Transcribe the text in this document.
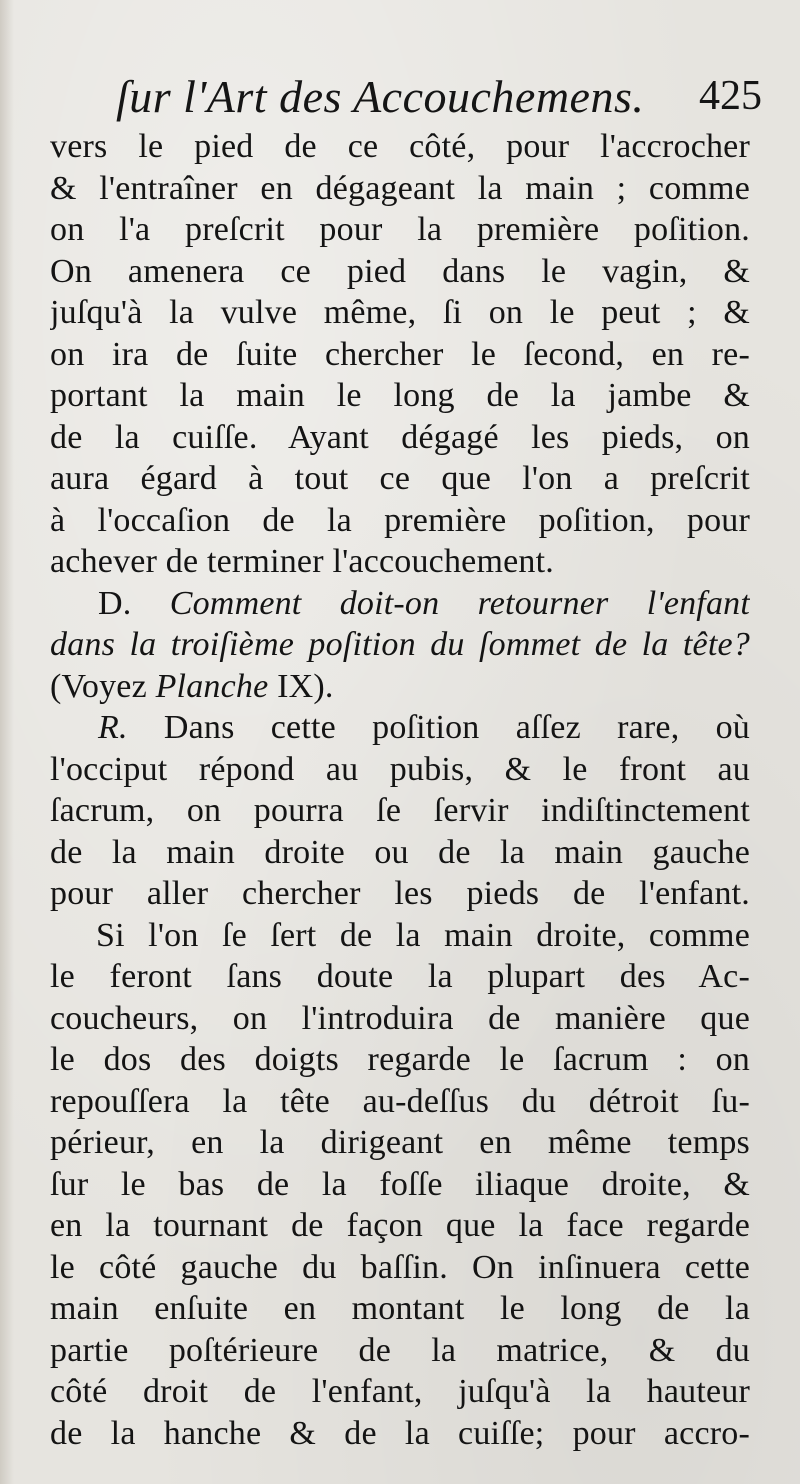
ſur l'Art des Accouchemens. 425
vers le pied de ce côté, pour l'accrocher
& l'entraîner en dégageant la main ; comme
on l'a preſcrit pour la première poſition.
On amenera ce pied dans le vagin, &
juſqu'à la vulve même, ſi on le peut ; &
on ira de ſuite chercher le ſecond, en re-
portant la main le long de la jambe &
de la cuiſſe. Ayant dégagé les pieds, on
aura égard à tout ce que l'on a preſcrit
à l'occaſion de la première poſition, pour
achever de terminer l'accouchement.
D. Comment doit-on retourner l'enfant
dans la troiſième poſition du ſommet de la tête?
(Voyez Planche IX).
R. Dans cette poſition aſſez rare, où
l'occiput répond au pubis, & le front au
ſacrum, on pourra ſe ſervir indiſtinctement
de la main droite ou de la main gauche
pour aller chercher les pieds de l'enfant.
Si l'on ſe ſert de la main droite, comme
le feront ſans doute la plupart des Ac-
coucheurs, on l'introduira de manière que
le dos des doigts regarde le ſacrum : on
repouſſera la tête au-deſſus du détroit ſu-
périeur, en la dirigeant en même temps
ſur le bas de la foſſe iliaque droite, &
en la tournant de façon que la face regarde
le côté gauche du baſſin. On inſinuera cette
main enſuite en montant le long de la
partie poſtérieure de la matrice, & du
côté droit de l'enfant, juſqu'à la hauteur
de la hanche & de la cuiſſe; pour accro-
